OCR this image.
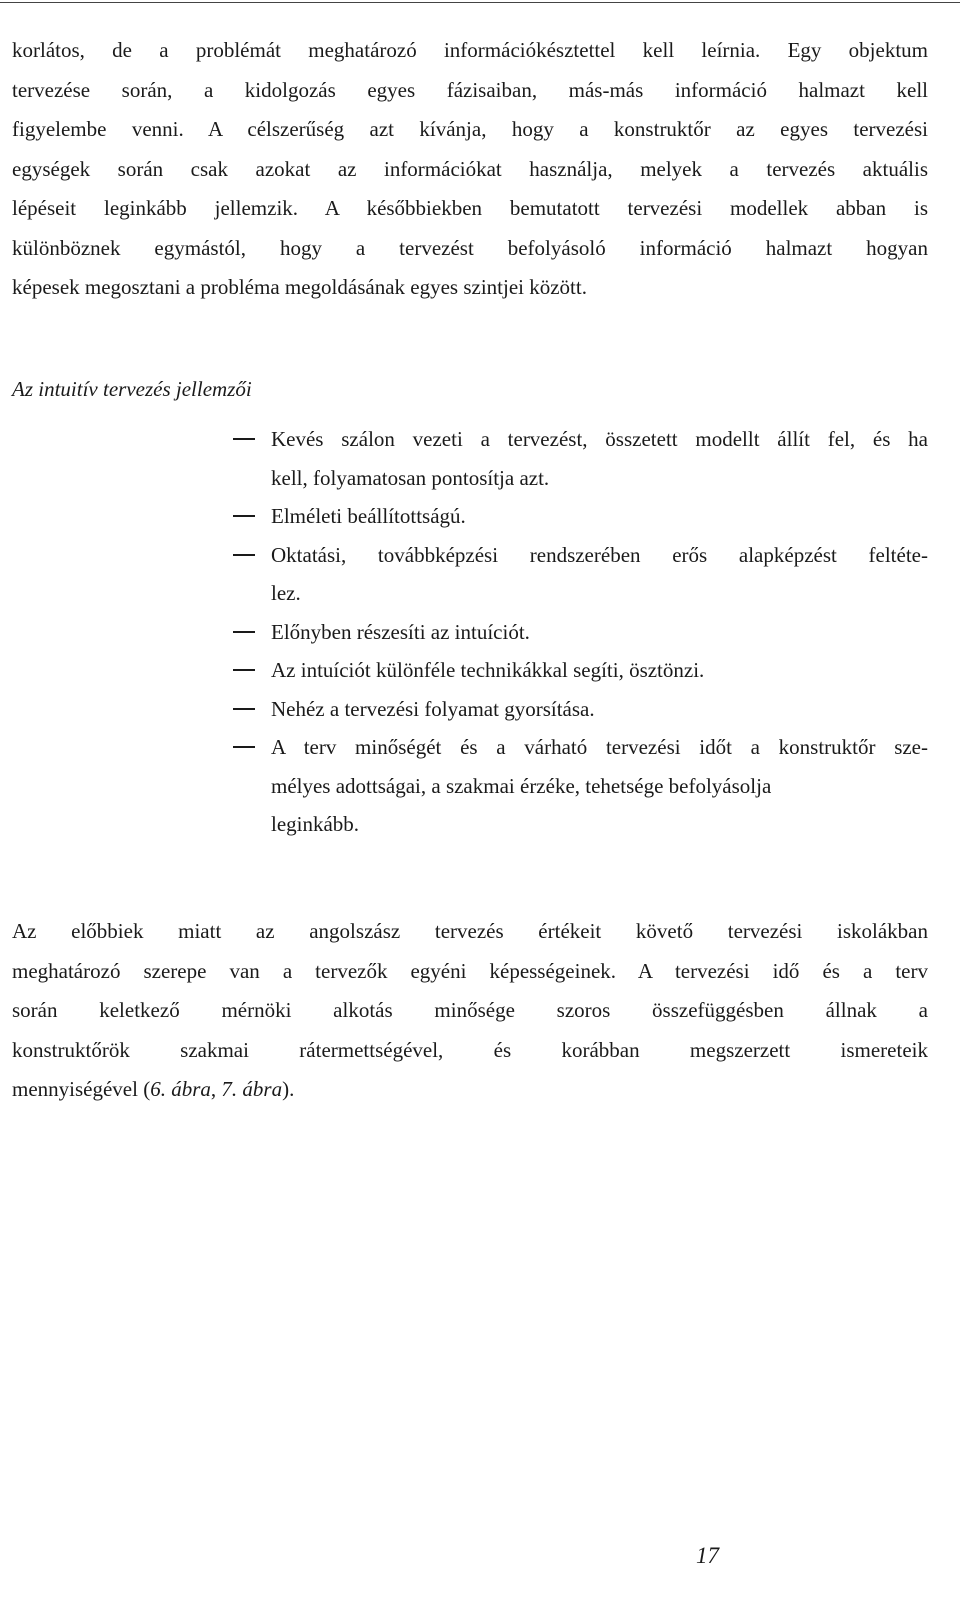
korlátos, de a problémát meghatározó információkésztettel kell leírnia. Egy objektum
tervezése során, a kidolgozás egyes fázisaiban, más-más információ halmazt kell
figyelembe venni. A célszerűség azt kívánja, hogy a konstruktőr az egyes tervezési
egységek során csak azokat az információkat használja, melyek a tervezés aktuális
lépéseit leginkább jellemzik. A későbbiekben bemutatott tervezési modellek abban is
különböznek egymástól, hogy a tervezést befolyásoló információ halmazt hogyan
képesek megosztani a probléma megoldásának egyes szintjei között.
Az intuitív tervezés jellemzői
Kevés szálon vezeti a tervezést, összetett modellt állít fel, és ha
kell, folyamatosan pontosítja azt.
Elméleti beállítottságú.
Oktatási, továbbképzési rendszerében erős alapképzést feltéte-
lez.
Előnyben részesíti az intuíciót.
Az intuíciót különféle technikákkal segíti, ösztönzi.
Nehéz a tervezési folyamat gyorsítása.
A terv minőségét és a várható tervezési időt a konstruktőr sze-
mélyes adottságai, a szakmai érzéke, tehetsége befolyásolja
leginkább.
Az előbbiek miatt az angolszász tervezés értékeit követő tervezési iskolákban
meghatározó szerepe van a tervezők egyéni képességeinek. A tervezési idő és a terv
során keletkező mérnöki alkotás minősége szoros összefüggésben állnak a
konstruktőrök szakmai rátermettségével, és korábban megszerzett ismereteik
mennyiségével (6. ábra, 7. ábra).
17
